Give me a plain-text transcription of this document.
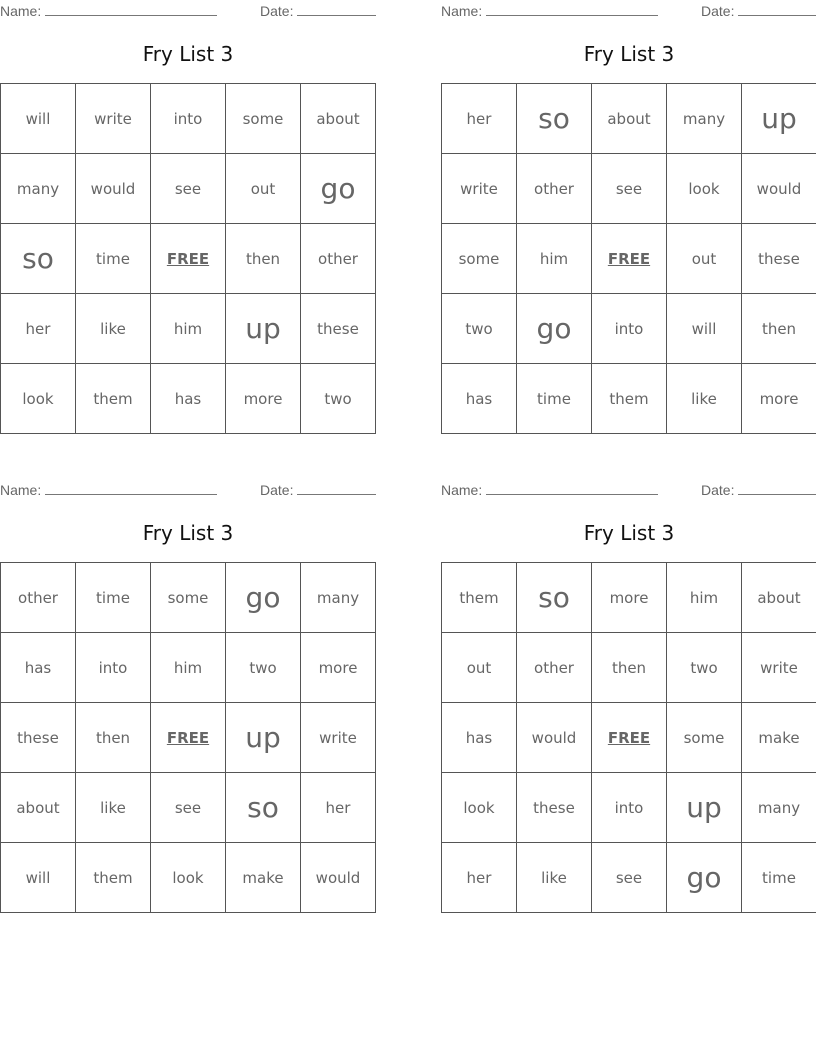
Name:	Date:
Fry List 3
will	write	into	some	about
many	would	see	out	go
so	time	FREE	then	other
her	like	him	up	these
look	them	has	more	two
Name:	Date:
Fry List 3
her	so	about	many	up
write	other	see	look	would
some	him	FREE	out	these
two	go	into	will	then
has	time	them	like	more
Name:	Date:
Fry List 3
other	time	some	go	many
has	into	him	two	more
these	then	FREE	up	write
about	like	see	so	her
will	them	look	make	would
Name:	Date:
Fry List 3
them	so	more	him	about
out	other	then	two	write
has	would	FREE	some	make
look	these	into	up	many
her	like	see	go	time
